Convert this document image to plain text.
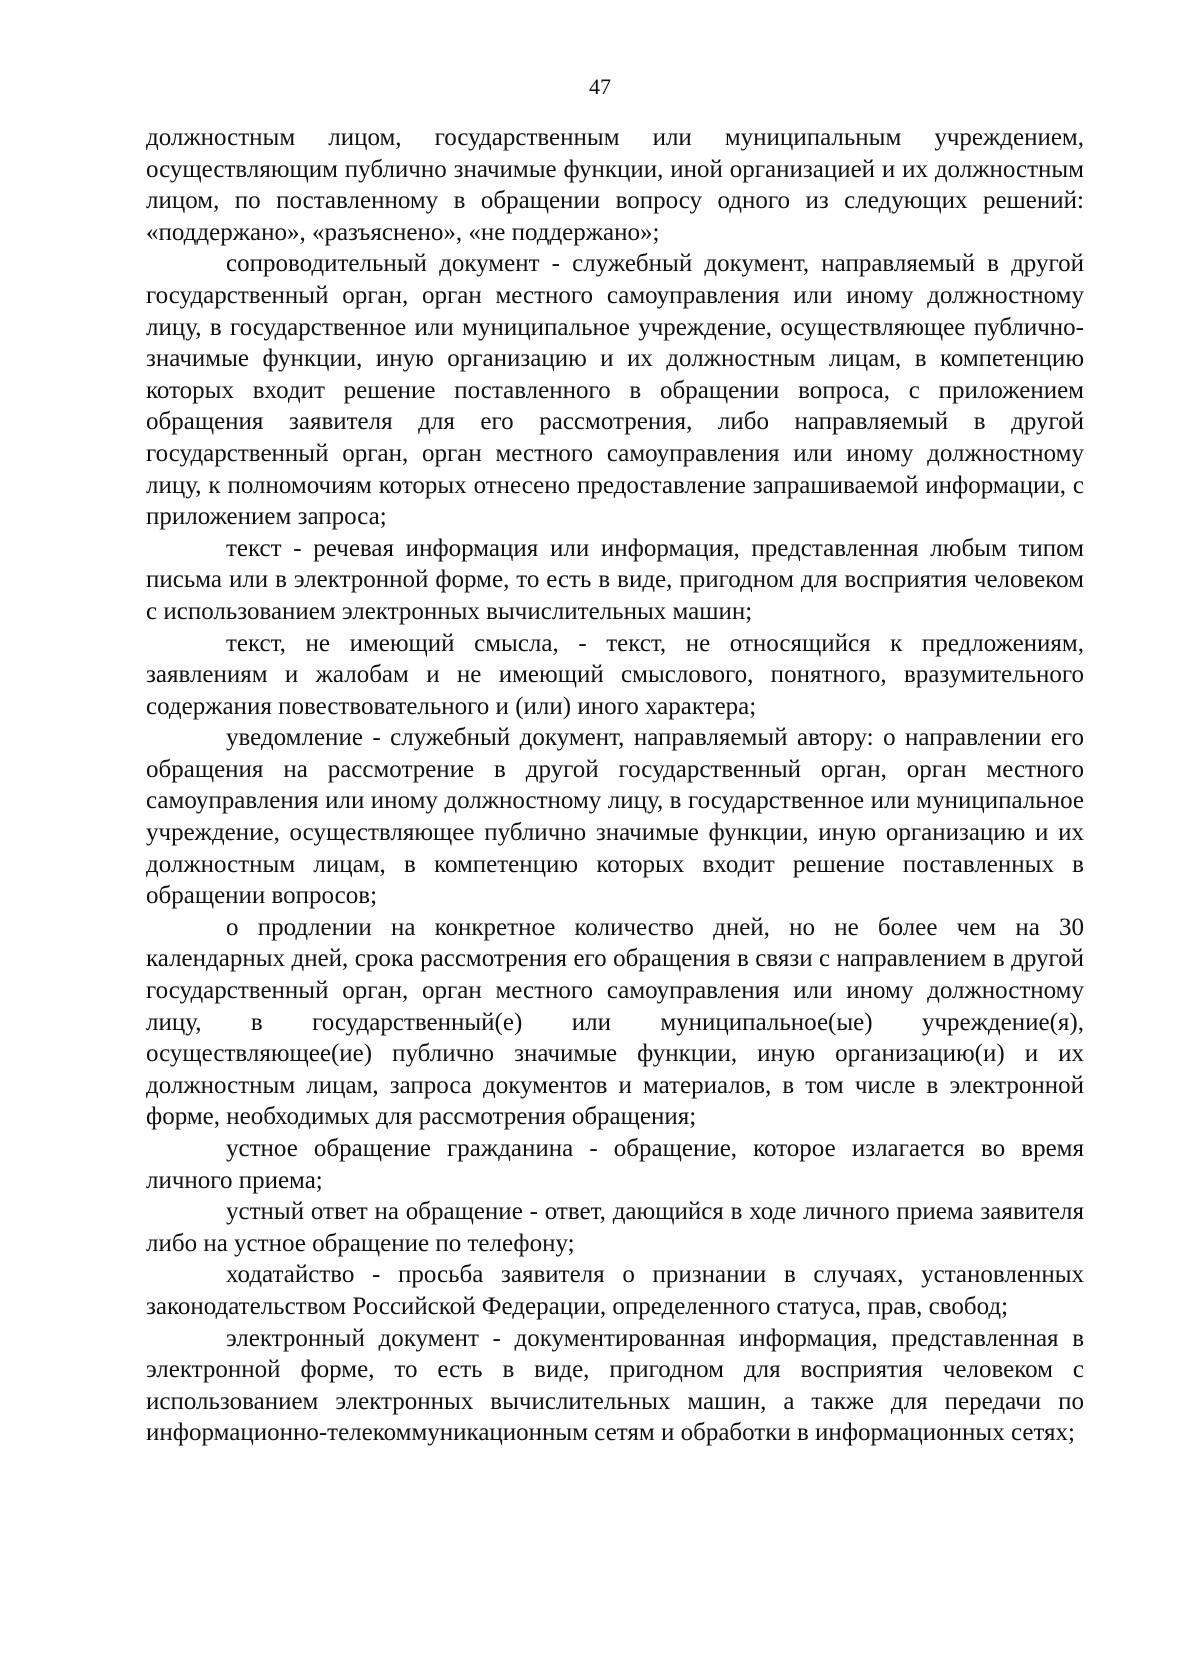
47

должностным лицом, государственным или муниципальным учреждением, осуществляющим публично значимые функции, иной организацией и их должностным лицом, по поставленному в обращении вопросу одного из следующих решений: «поддержано», «разъяснено», «не поддержано»;

сопроводительный документ - служебный документ, направляемый в другой государственный орган, орган местного самоуправления или иному должностному лицу, в государственное или муниципальное учреждение, осуществляющее публично-значимые функции, иную организацию и их должностным лицам, в компетенцию которых входит решение поставленного в обращении вопроса, с приложением обращения заявителя для его рассмотрения, либо направляемый в другой государственный орган, орган местного самоуправления или иному должностному лицу, к полномочиям которых отнесено предоставление запрашиваемой информации, с приложением запроса;

текст - речевая информация или информация, представленная любым типом письма или в электронной форме, то есть в виде, пригодном для восприятия человеком с использованием электронных вычислительных машин;

текст, не имеющий смысла, - текст, не относящийся к предложениям, заявлениям и жалобам и не имеющий смыслового, понятного, вразумительного содержания повествовательного и (или) иного характера;

уведомление - служебный документ, направляемый автору: о направлении его обращения на рассмотрение в другой государственный орган, орган местного самоуправления или иному должностному лицу, в государственное или муниципальное учреждение, осуществляющее публично значимые функции, иную организацию и их должностным лицам, в компетенцию которых входит решение поставленных в обращении вопросов;

о продлении на конкретное количество дней, но не более чем на 30 календарных дней, срока рассмотрения его обращения в связи с направлением в другой государственный орган, орган местного самоуправления или иному должностному лицу, в государственный(е) или муниципальное(ые) учреждение(я), осуществляющее(ие) публично значимые функции, иную организацию(и) и их должностным лицам, запроса документов и материалов, в том числе в электронной форме, необходимых для рассмотрения обращения;

устное обращение гражданина - обращение, которое излагается во время личного приема;

устный ответ на обращение - ответ, дающийся в ходе личного приема заявителя либо на устное обращение по телефону;

ходатайство - просьба заявителя о признании в случаях, установленных законодательством Российской Федерации, определенного статуса, прав, свобод;

электронный документ - документированная информация, представленная в электронной форме, то есть в виде, пригодном для восприятия человеком с использованием электронных вычислительных машин, а также для передачи по информационно-телекоммуникационным сетям и обработки в информационных сетях;
